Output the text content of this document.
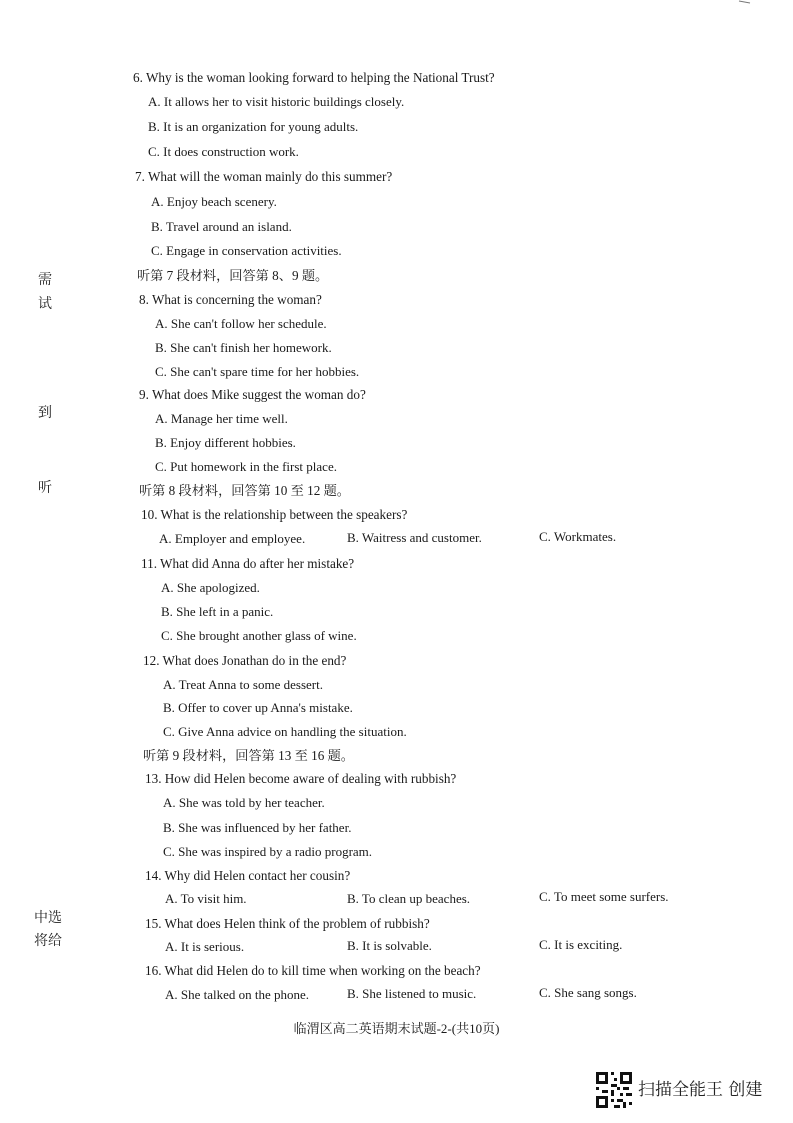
需
试
到
听
中选
将给
6. Why is the woman looking forward to helping the National Trust?
A. It allows her to visit historic buildings closely.
B. It is an organization for young adults.
C. It does construction work.
7. What will the woman mainly do this summer?
A. Enjoy beach scenery.
B. Travel around an island.
C. Engage in conservation activities.
听第 7 段材料，回答第 8、9 题。
8. What is concerning the woman?
A. She can't follow her schedule.
B. She can't finish her homework.
C. She can't spare time for her hobbies.
9. What does Mike suggest the woman do?
A. Manage her time well.
B. Enjoy different hobbies.
C. Put homework in the first place.
听第 8 段材料，回答第 10 至 12 题。
10. What is the relationship between the speakers?
A. Employer and employee.	B. Waitress and customer.	C. Workmates.
11. What did Anna do after her mistake?
A. She apologized.
B. She left in a panic.
C. She brought another glass of wine.
12. What does Jonathan do in the end?
A. Treat Anna to some dessert.
B. Offer to cover up Anna's mistake.
C. Give Anna advice on handling the situation.
听第 9 段材料，回答第 13 至 16 题。
13. How did Helen become aware of dealing with rubbish?
A. She was told by her teacher.
B. She was influenced by her father.
C. She was inspired by a radio program.
14. Why did Helen contact her cousin?
A. To visit him.	B. To clean up beaches.	C. To meet some surfers.
15. What does Helen think of the problem of rubbish?
A. It is serious.	B. It is solvable.	C. It is exciting.
16. What did Helen do to kill time when working on the beach?
A. She talked on the phone.	B. She listened to music.	C. She sang songs.
临渭区高二英语期末试题-2-(共10页)
扫描全能王 创建
